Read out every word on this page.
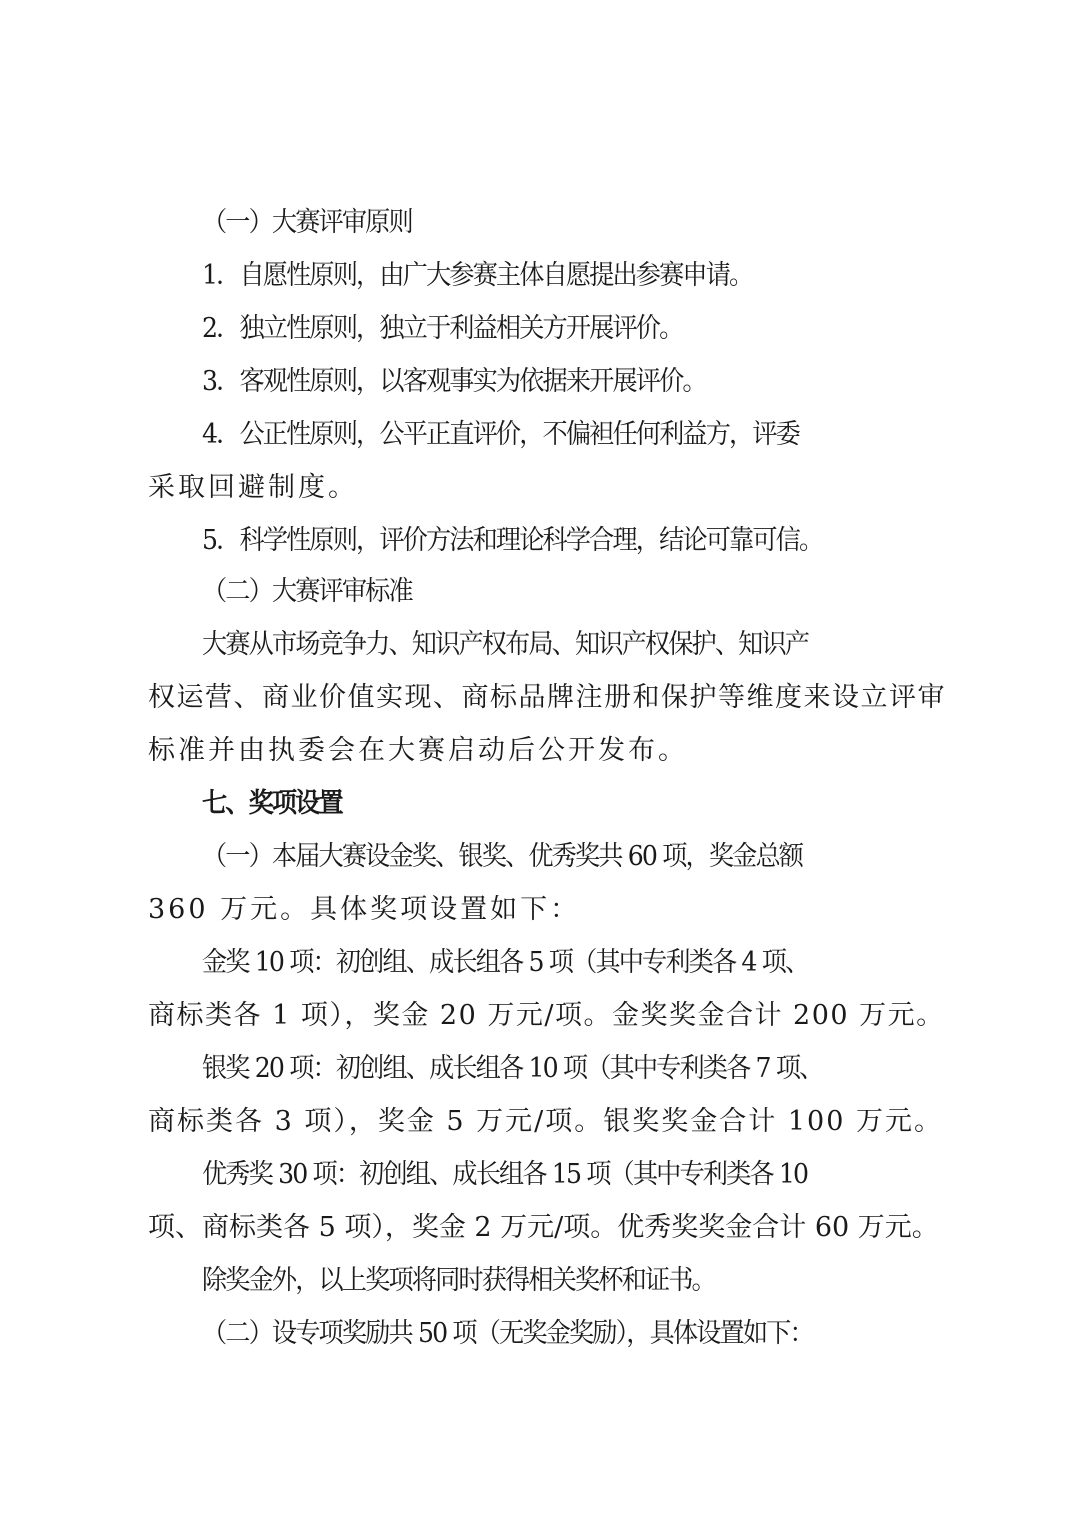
（一）大赛评审原则
1．自愿性原则，由广大参赛主体自愿提出参赛申请。
2．独立性原则，独立于利益相关方开展评价。
3．客观性原则，以客观事实为依据来开展评价。
4．公正性原则，公平正直评价，不偏袒任何利益方，评委
采取回避制度。
5．科学性原则，评价方法和理论科学合理，结论可靠可信。
（二）大赛评审标准
大赛从市场竞争力、知识产权布局、知识产权保护、知识产
权运营、商业价值实现、商标品牌注册和保护等维度来设立评审
标准并由执委会在大赛启动后公开发布。
七、奖项设置
（一）本届大赛设金奖、银奖、优秀奖共 60 项，奖金总额
360 万元。具体奖项设置如下：
金奖 10 项：初创组、成长组各 5 项（其中专利类各 4 项、
商标类各 1 项），奖金 20 万元/项。金奖奖金合计 200 万元。
银奖 20 项：初创组、成长组各 10 项（其中专利类各 7 项、
商标类各 3 项），奖金 5 万元/项。银奖奖金合计 100 万元。
优秀奖 30 项：初创组、成长组各 15 项（其中专利类各 10
项、商标类各 5 项），奖金 2 万元/项。优秀奖奖金合计 60 万元。
除奖金外，以上奖项将同时获得相关奖杯和证书。
（二）设专项奖励共 50 项（无奖金奖励），具体设置如下：
